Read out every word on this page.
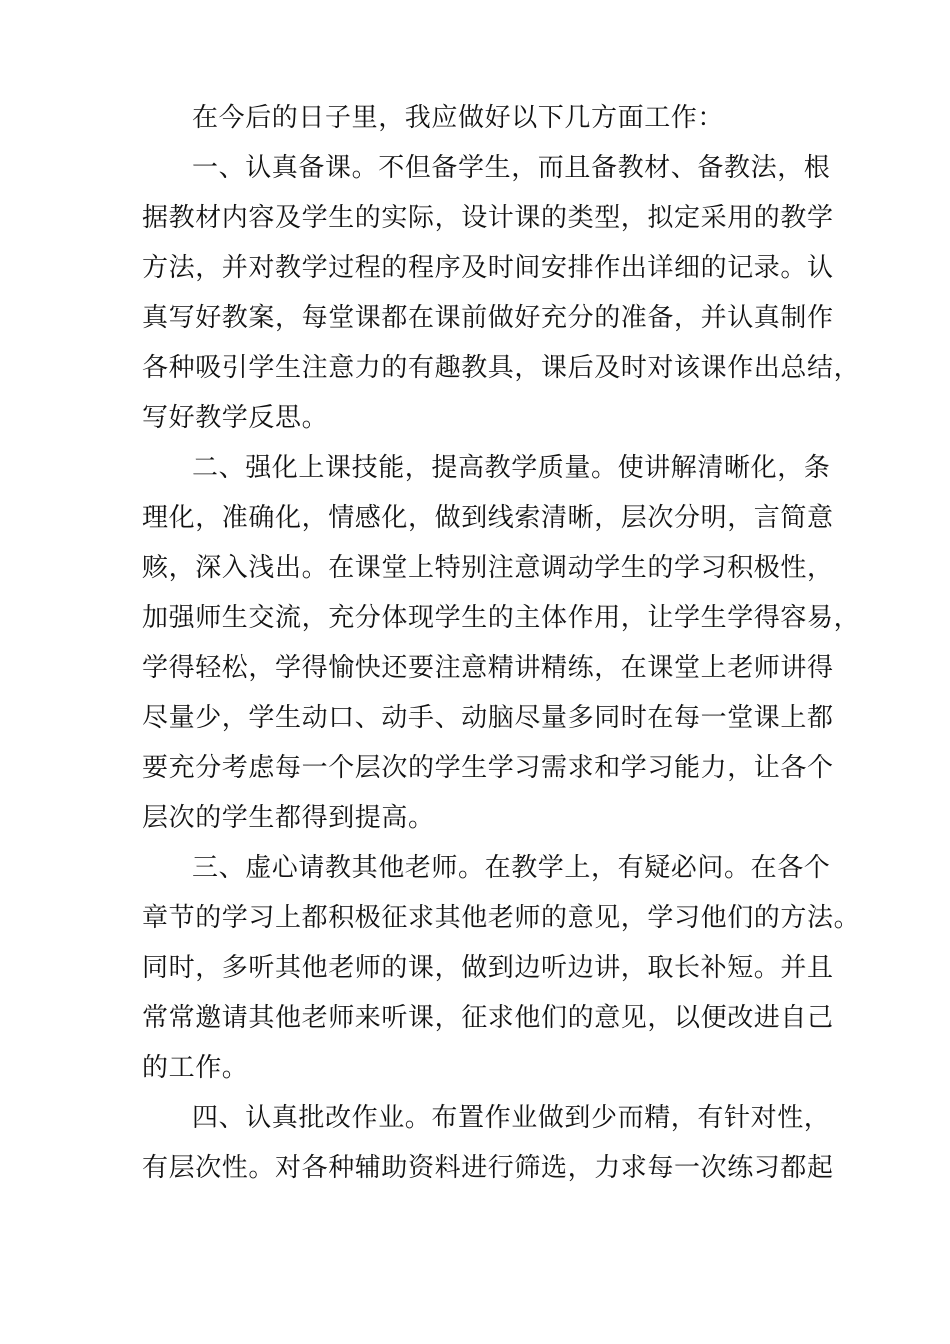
在今后的日子里，我应做好以下几方面工作：
一、认真备课。不但备学生，而且备教材、备教法，根
据教材内容及学生的实际，设计课的类型，拟定采用的教学
方法，并对教学过程的程序及时间安排作出详细的记录。认
真写好教案，每堂课都在课前做好充分的准备，并认真制作
各种吸引学生注意力的有趣教具，课后及时对该课作出总结，
写好教学反思。
二、强化上课技能，提高教学质量。使讲解清晰化，条
理化，准确化，情感化，做到线索清晰，层次分明，言简意
赅，深入浅出。在课堂上特别注意调动学生的学习积极性，
加强师生交流，充分体现学生的主体作用，让学生学得容易，
学得轻松，学得愉快还要注意精讲精练，在课堂上老师讲得
尽量少，学生动口、动手、动脑尽量多同时在每一堂课上都
要充分考虑每一个层次的学生学习需求和学习能力，让各个
层次的学生都得到提高。
三、虚心请教其他老师。在教学上，有疑必问。在各个
章节的学习上都积极征求其他老师的意见，学习他们的方法。
同时，多听其他老师的课，做到边听边讲，取长补短。并且
常常邀请其他老师来听课，征求他们的意见，以便改进自己
的工作。
四、认真批改作业。布置作业做到少而精，有针对性，
有层次性。对各种辅助资料进行筛选，力求每一次练习都起
